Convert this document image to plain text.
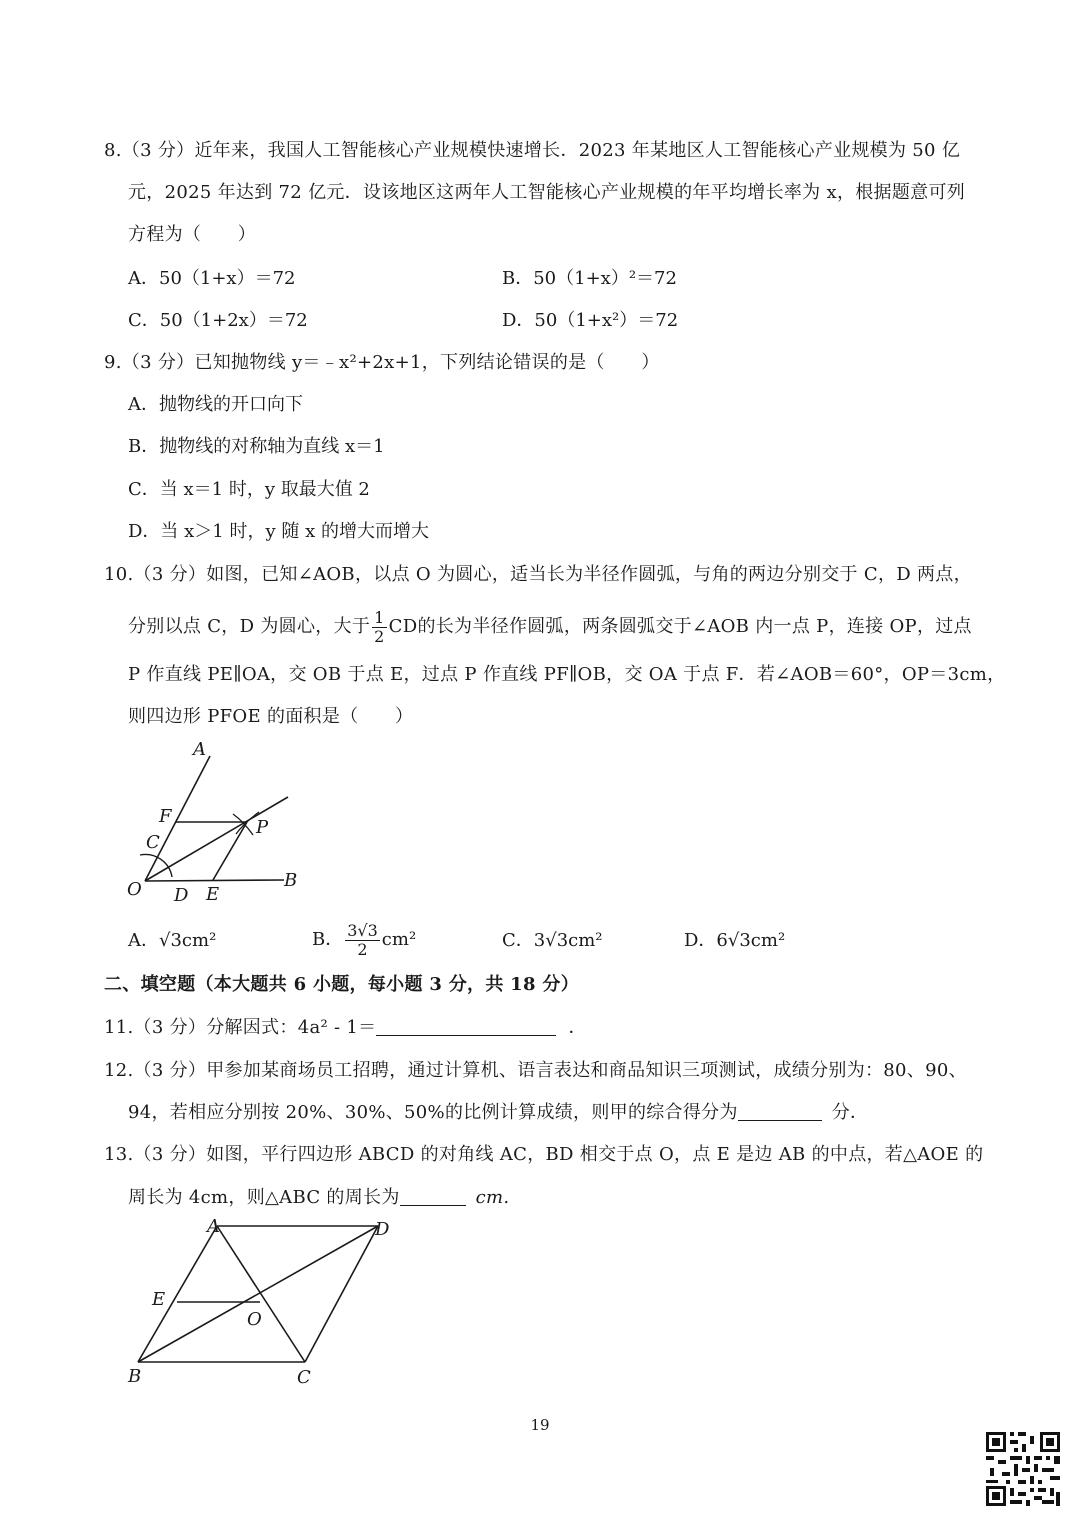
8.（3 分）近年来，我国人工智能核心产业规模快速增长．2023 年某地区人工智能核心产业规模为 50 亿
元，2025 年达到 72 亿元．设该地区这两年人工智能核心产业规模的年平均增长率为 x，根据题意可列
方程为（　　）
A．50（1+x）＝72	B．50（1+x）²＝72
C．50（1+2x）＝72	D．50（1+x²）＝72
9.（3 分）已知抛物线 y＝﹣x²+2x+1，下列结论错误的是（　　）
A．抛物线的开口向下
B．抛物线的对称轴为直线 x＝1
C．当 x＝1 时，y 取最大值 2
D．当 x＞1 时，y 随 x 的增大而增大
10.（3 分）如图，已知∠AOB，以点 O 为圆心，适当长为半径作圆弧，与角的两边分别交于 C，D 两点，
分别以点 C，D 为圆心，大于 $\frac{1}{2}$ CD的长为半径作圆弧，两条圆弧交于∠AOB 内一点 P，连接 OP，过点
P 作直线 PE∥OA，交 OB 于点 E，过点 P 作直线 PF∥OB，交 OA 于点 F．若∠AOB＝60°，OP＝3cm，
则四边形 PFOE 的面积是（　　）
A
F
C
P
O D E
B
A．√3cm²	B． $\frac{3√3}{2} cm^2$	C．3√3cm²	D．6√3cm²
二、填空题（本大题共 6 小题，每小题 3 分，共 18 分）
11.（3 分）分解因式：4a² - 1＝	．
12.（3 分）甲参加某商场员工招聘，通过计算机、语言表达和商品知识三项测试，成绩分别为：80、90、
94，若相应分别按 20%、30%、50%的比例计算成绩，则甲的综合得分为	分．
13.（3 分）如图，平行四边形 ABCD 的对角线 AC，BD 相交于点 O，点 E 是边 AB 的中点，若△AOE 的
周长为 4cm，则△ABC 的周长为	cm.
A	D
E
O
B	C
19
